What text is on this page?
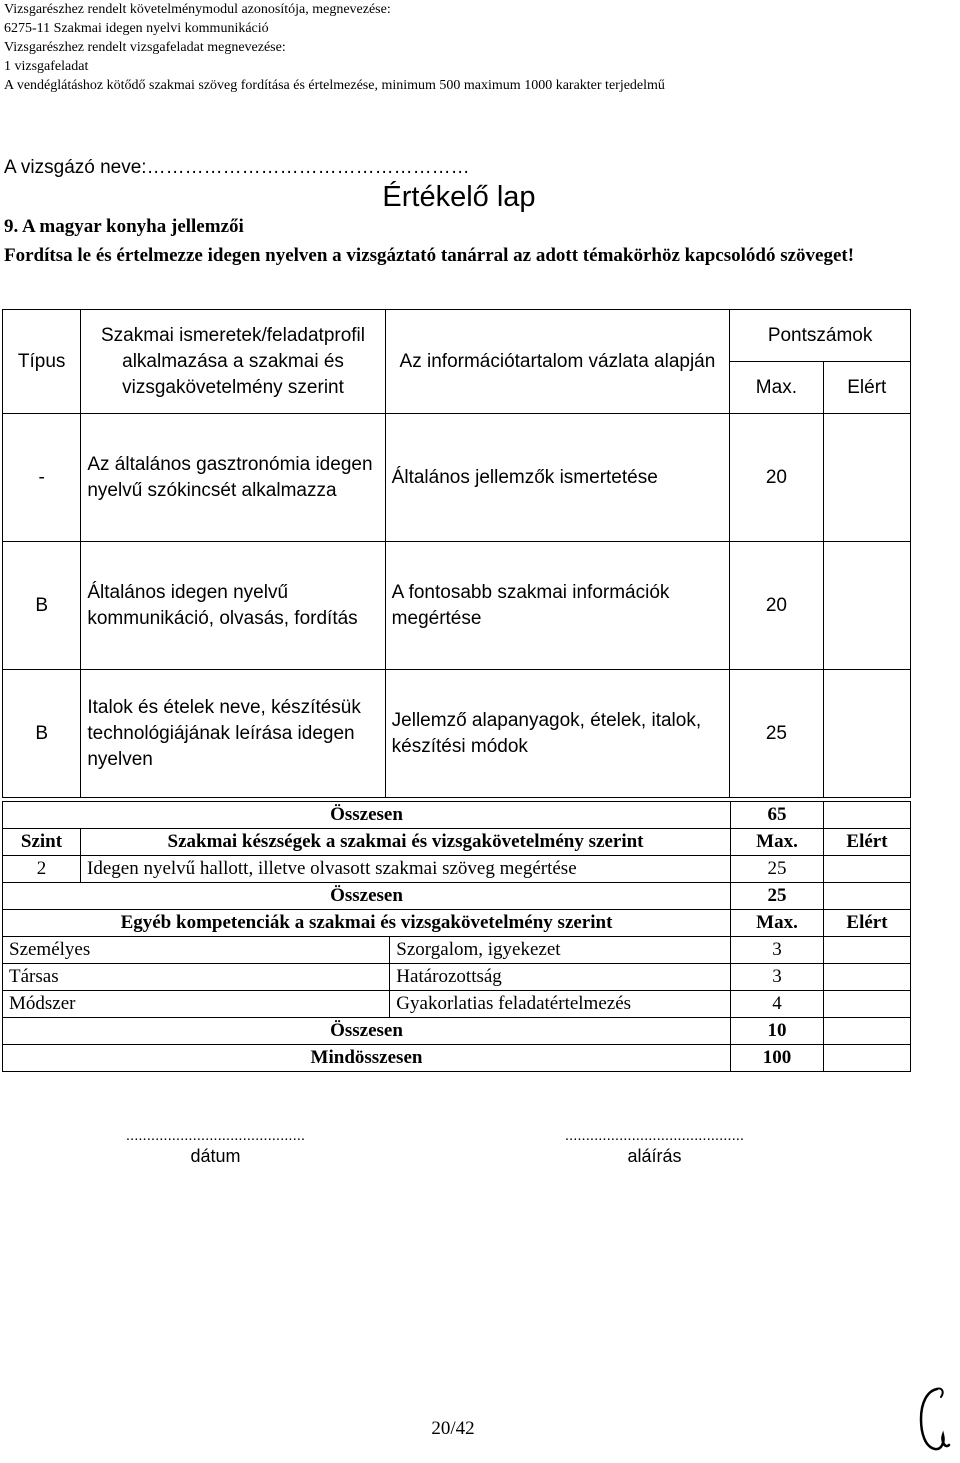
Vizsgarészhez rendelt követelménymodul azonosítója, megnevezése:
6275-11 Szakmai idegen nyelvi kommunikáció
Vizsgarészhez rendelt vizsgafeladat megnevezése:
1 vizsgafeladat
A vendéglátáshoz kötődő szakmai szöveg fordítása és értelmezése, minimum 500 maximum 1000 karakter terjedelmű
A vizsgázó neve:……………………………………………
Értékelő lap
9. A magyar konyha jellemzői
Fordítsa le és értelmezze idegen nyelven a vizsgáztató tanárral az adott témakörhöz kapcsolódó szöveget!
Típus	Szakmai ismeretek/feladatprofil alkalmazása a szakmai és vizsgakövetelmény szerint	Az információtartalom vázlata alapján	Pontszámok	
			Max.	Elért
-	Az általános gasztronómia idegen nyelvű szókincsét alkalmazza	Általános jellemzők ismertetése	20	
B	Általános idegen nyelvű kommunikáció, olvasás, fordítás	A fontosabb szakmai információk megértése	20	
B	Italok és ételek neve, készítésük technológiájának leírása idegen nyelven	Jellemző alapanyagok, ételek, italok, készítési módok	25	
Összesen			65	
Szint	Szakmai készségek a szakmai és vizsgakövetelmény szerint		Max.	Elért
2	Idegen nyelvű hallott, illetve olvasott szakmai szöveg megértése		25	
Összesen			25	
Egyéb kompetenciák a szakmai és vizsgakövetelmény szerint			Max.	Elért
Személyes		Szorgalom, igyekezet	3	
Társas		Határozottság	3	
Módszer		Gyakorlatias feladatértelmezés	4	
Összesen			10	
Mindösszesen			100	
...........................................
dátum
...........................................
aláírás
20/42
